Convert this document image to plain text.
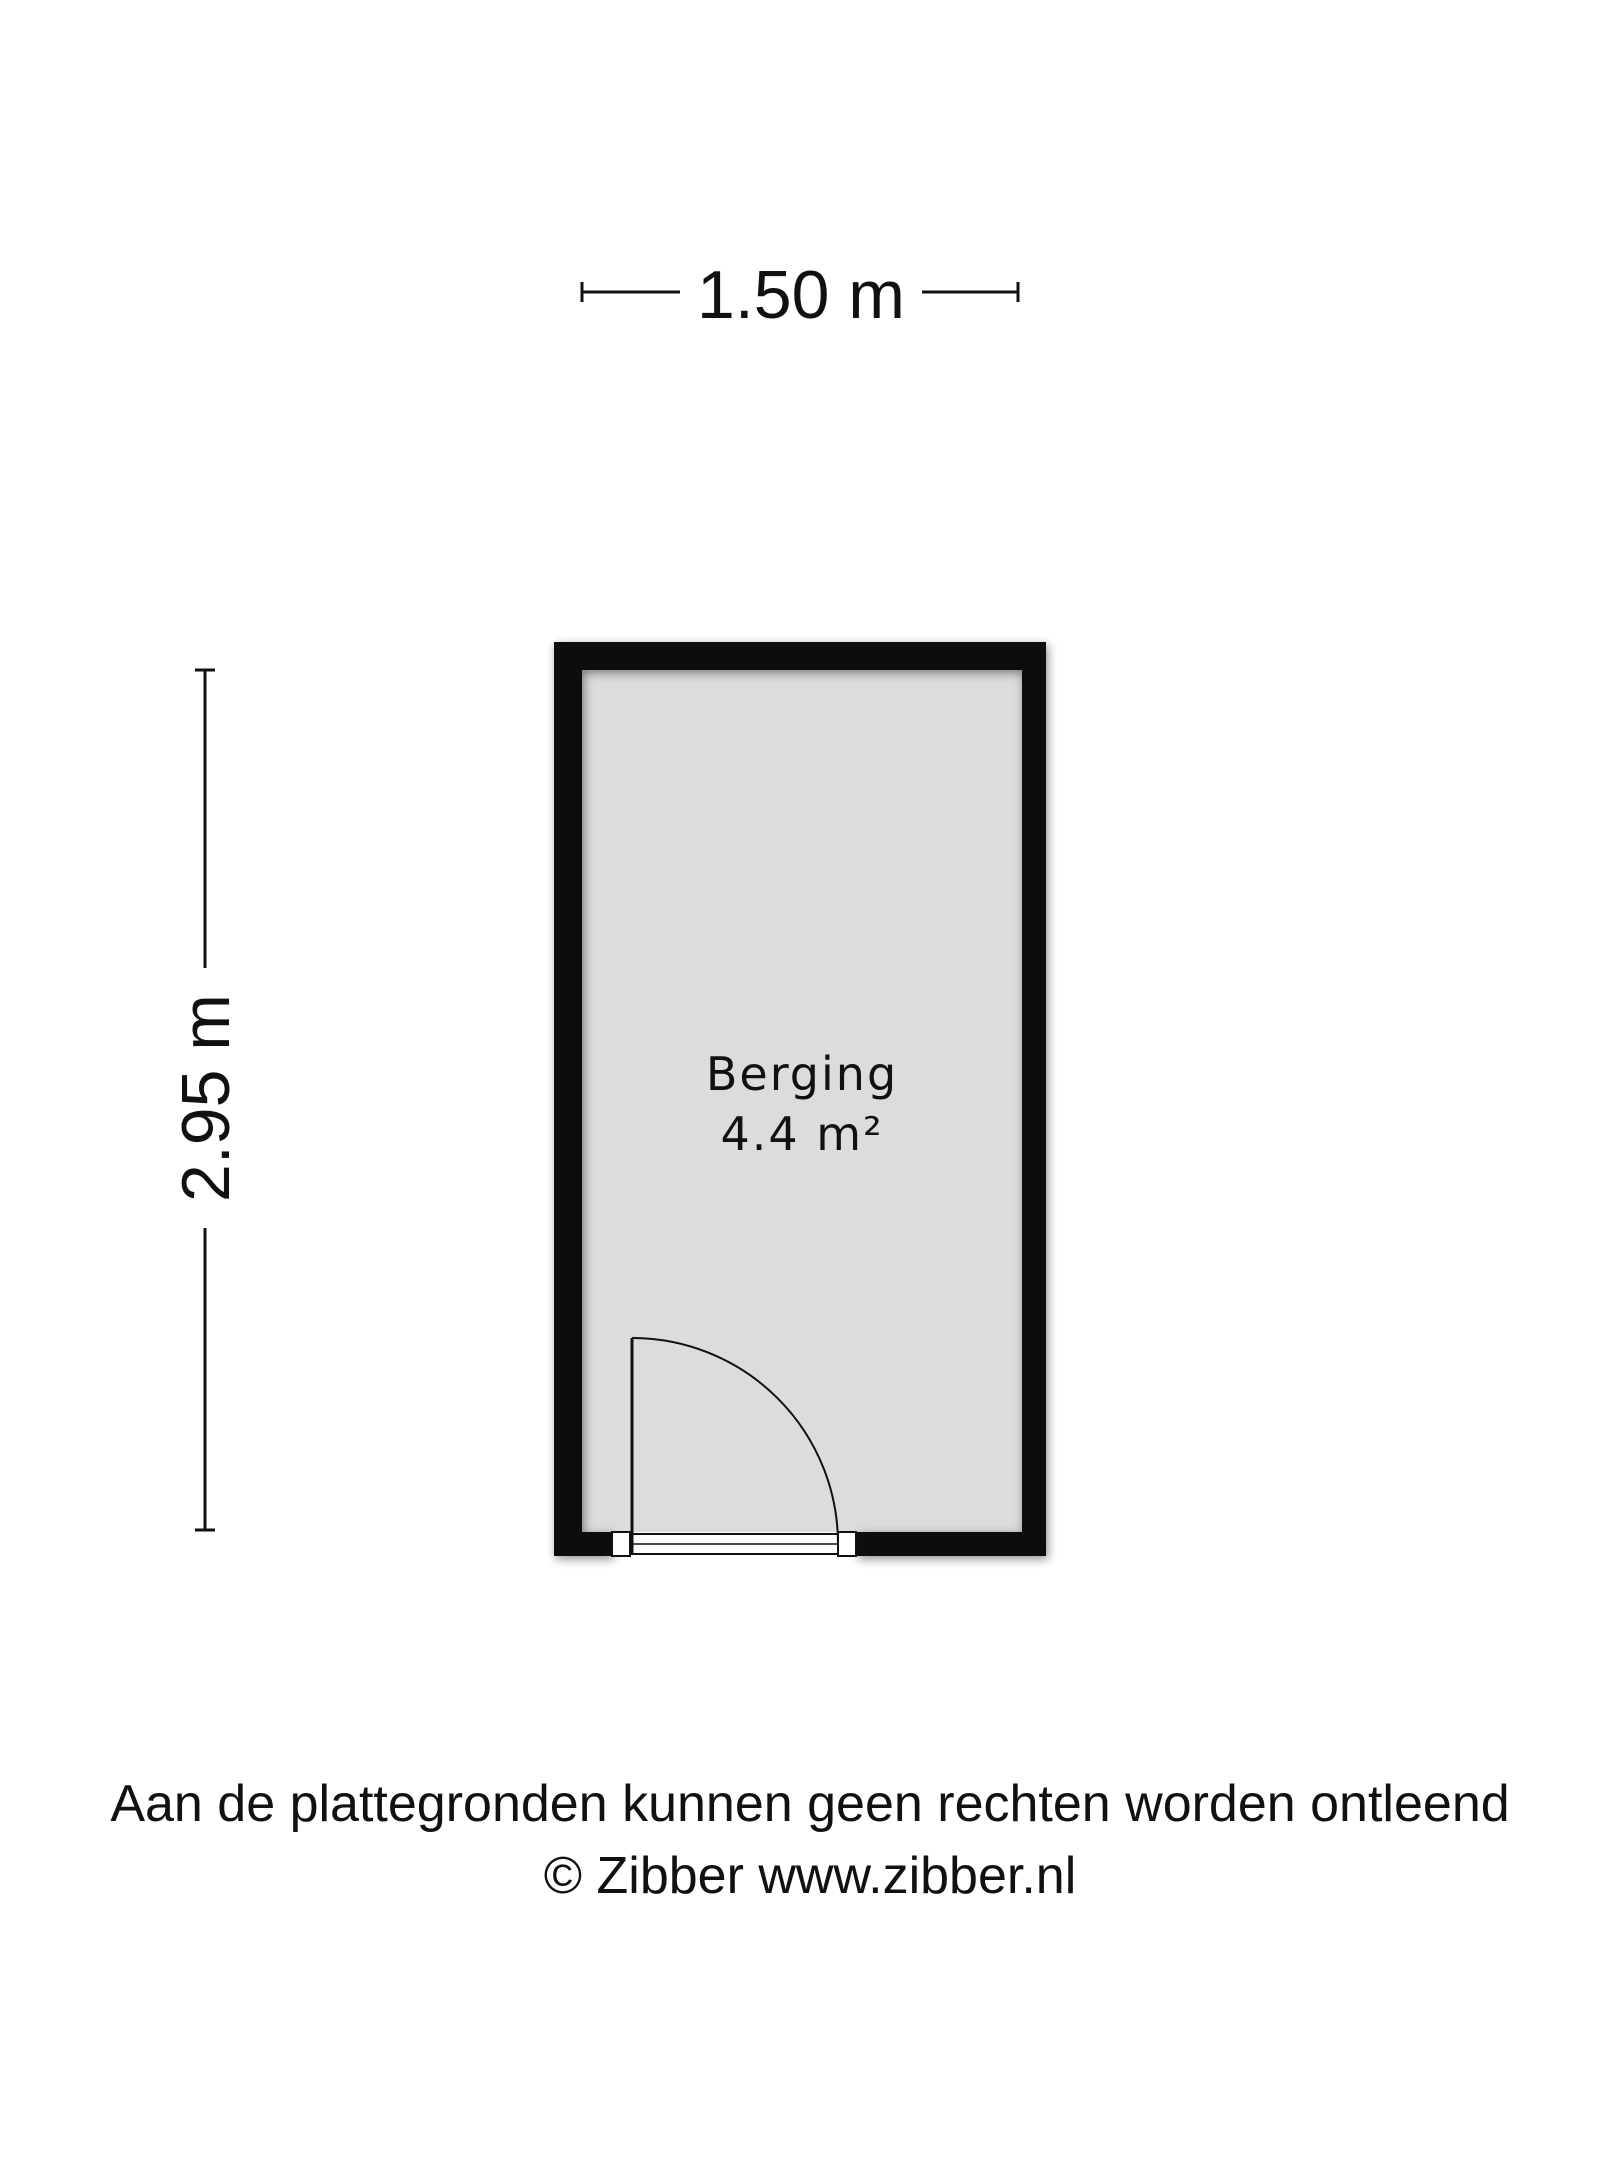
1.50 m
2.95 m	Berging
4.4 m²
Aan de plattegronden kunnen geen rechten worden ontleend
© Zibber www.zibber.nl
